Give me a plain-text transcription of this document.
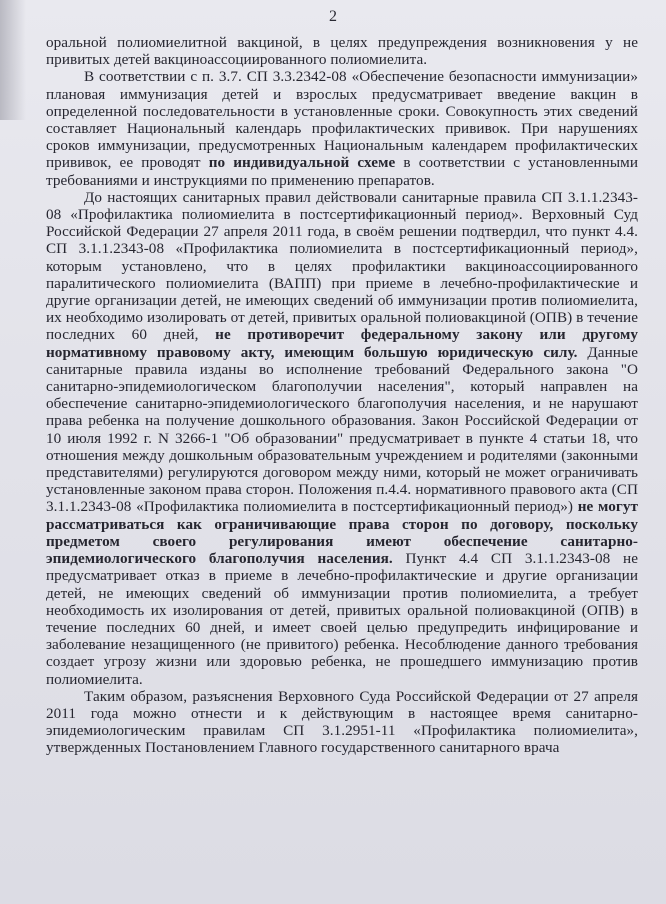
2

оральной полиомиелитной вакциной, в целях предупреждения возникновения у не привитых детей вакциноассоциированного полиомиелита.

В соответствии с п. 3.7. СП 3.3.2342-08 «Обеспечение безопасности иммунизации» плановая иммунизация детей и взрослых предусматривает введение вакцин в определенной последовательности в установленные сроки. Совокупность этих сведений составляет Национальный календарь профилактических прививок. При нарушениях сроков иммунизации, предусмотренных Национальным календарем профилактических прививок, ее проводят по индивидуальной схеме в соответствии с установленными требованиями и инструкциями по применению препаратов.

До настоящих санитарных правил действовали санитарные правила СП 3.1.1.2343-08 «Профилактика полиомиелита в постсертификационный период». Верховный Суд Российской Федерации 27 апреля 2011 года, в своём решении подтвердил, что пункт 4.4. СП 3.1.1.2343-08 «Профилактика полиомиелита в постсертификационный период», которым установлено, что в целях профилактики вакциноассоциированного паралитического полиомиелита (ВАПП) при приеме в лечебно-профилактические и другие организации детей, не имеющих сведений об иммунизации против полиомиелита, их необходимо изолировать от детей, привитых оральной полиовакциной (ОПВ) в течение последних 60 дней, не противоречит федеральному закону или другому нормативному правовому акту, имеющим большую юридическую силу. Данные санитарные правила изданы во исполнение требований Федерального закона "О санитарно-эпидемиологическом благополучии населения", который направлен на обеспечение санитарно-эпидемиологического благополучия населения, и не нарушают права ребенка на получение дошкольного образования. Закон Российской Федерации от 10 июля 1992 г. N 3266-1 "Об образовании" предусматривает в пункте 4 статьи 18, что отношения между дошкольным образовательным учреждением и родителями (законными представителями) регулируются договором между ними, который не может ограничивать установленные законом права сторон. Положения п.4.4. нормативного правового акта (СП 3.1.1.2343-08 «Профилактика полиомиелита в постсертификационный период») не могут рассматриваться как ограничивающие права сторон по договору, поскольку предметом своего регулирования имеют обеспечение санитарно-эпидемиологического благополучия населения. Пункт 4.4 СП 3.1.1.2343-08 не предусматривает отказ в приеме в лечебно-профилактические и другие организации детей, не имеющих сведений об иммунизации против полиомиелита, а требует необходимость их изолирования от детей, привитых оральной полиовакциной (ОПВ) в течение последних 60 дней, и имеет своей целью предупредить инфицирование и заболевание незащищенного (не привитого) ребенка. Несоблюдение данного требования создает угрозу жизни или здоровью ребенка, не прошедшего иммунизацию против полиомиелита.

Таким образом, разъяснения Верховного Суда Российской Федерации от 27 апреля 2011 года можно отнести и к действующим в настоящее время санитарно-эпидемиологическим правилам СП 3.1.2951-11 «Профилактика полиомиелита», утвержденных Постановлением Главного государственного санитарного врача
